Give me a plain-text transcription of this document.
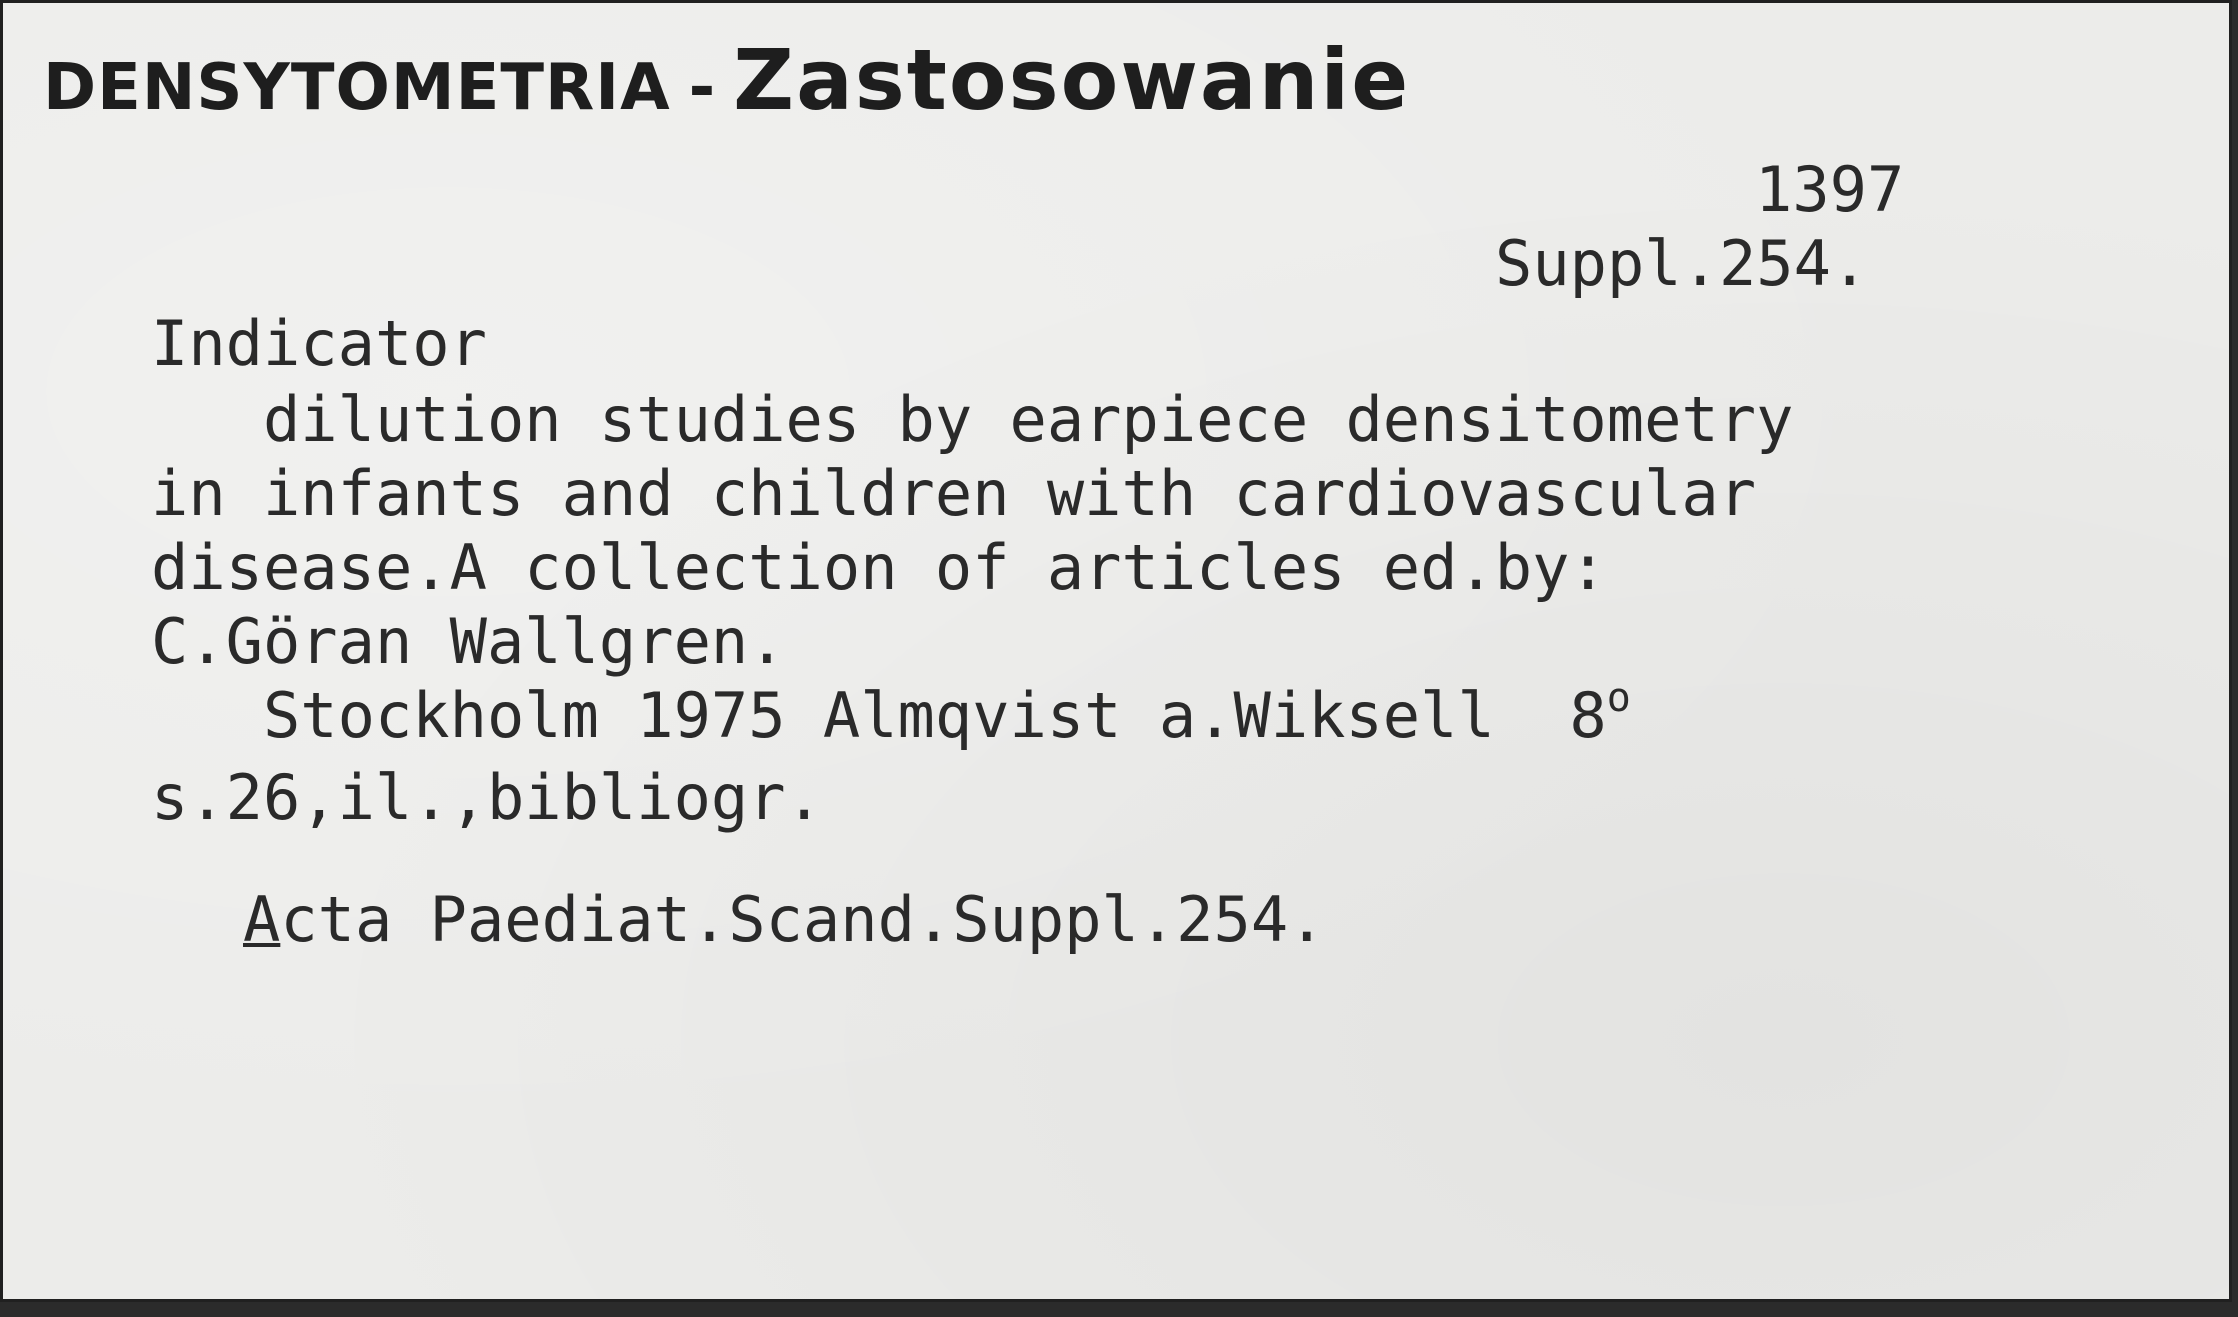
DENSYTOMETRIA - Zastosowanie
1397
Suppl.254.
Indicator
dilution studies by earpiece densitometry
in infants and children with cardiovascular
disease.A collection of articles ed.by:
C.Göran Wallgren.
Stockholm 1975 Almqvist a.Wiksell  8$^o$
s.26,il.,bibliogr.
Acta Paediat.Scand.Suppl.254.
